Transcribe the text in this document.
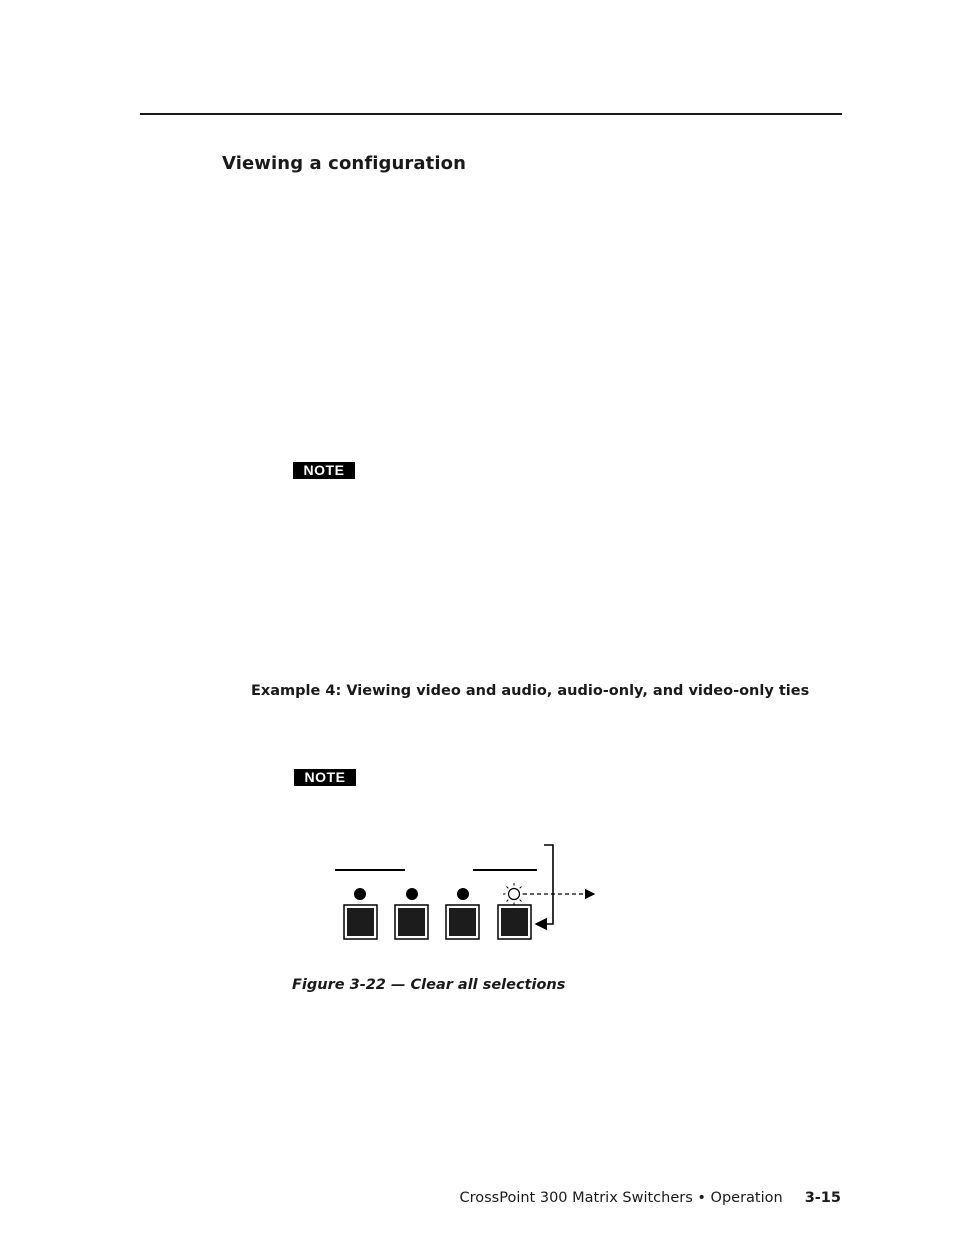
Viewing a configuration
NOTE
Example 4: Viewing video and audio, audio-only, and video-only ties
NOTE
Figure 3-22 — Clear all selections
CrossPoint 300 Matrix Switchers • Operation 3-15
